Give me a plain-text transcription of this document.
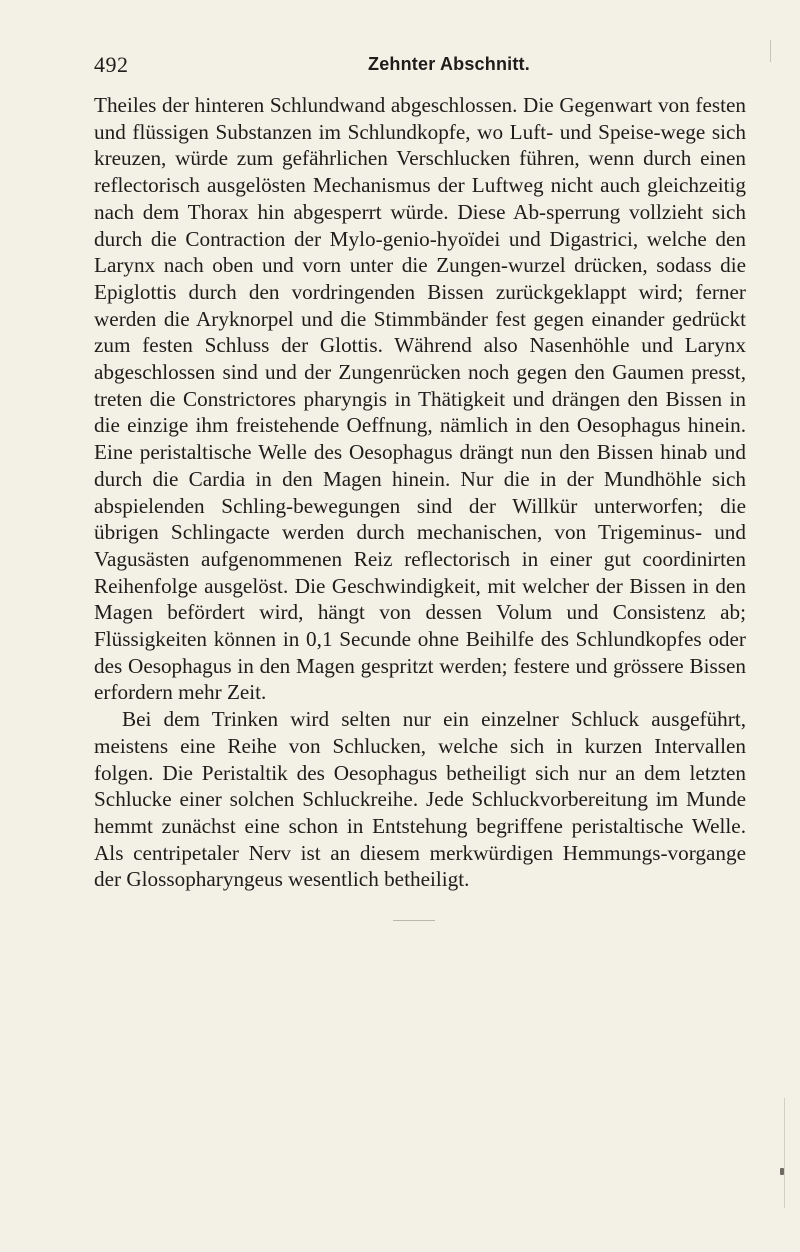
492	Zehnter Abschnitt.

Theiles der hinteren Schlundwand abgeschlossen. Die Gegenwart von festen und flüssigen Substanzen im Schlundkopfe, wo Luft- und Speise-wege sich kreuzen, würde zum gefährlichen Verschlucken führen, wenn durch einen reflectorisch ausgelösten Mechanismus der Luftweg nicht auch gleichzeitig nach dem Thorax hin abgesperrt würde. Diese Ab-sperrung vollzieht sich durch die Contraction der Mylo-genio-hyoïdei und Digastrici, welche den Larynx nach oben und vorn unter die Zungen-wurzel drücken, sodass die Epiglottis durch den vordringenden Bissen zurückgeklappt wird; ferner werden die Aryknorpel und die Stimmbänder fest gegen einander gedrückt zum festen Schluss der Glottis. Während also Nasenhöhle und Larynx abgeschlossen sind und der Zungenrücken noch gegen den Gaumen presst, treten die Constrictores pharyngis in Thätigkeit und drängen den Bissen in die einzige ihm freistehende Oeffnung, nämlich in den Oesophagus hinein. Eine peristaltische Welle des Oesophagus drängt nun den Bissen hinab und durch die Cardia in den Magen hinein. Nur die in der Mundhöhle sich abspielenden Schling-bewegungen sind der Willkür unterworfen; die übrigen Schlingacte werden durch mechanischen, von Trigeminus- und Vagusästen aufgenommenen Reiz reflectorisch in einer gut coordinirten Reihenfolge ausgelöst. Die Geschwindigkeit, mit welcher der Bissen in den Magen befördert wird, hängt von dessen Volum und Consistenz ab; Flüssigkeiten können in 0,1 Secunde ohne Beihilfe des Schlundkopfes oder des Oesophagus in den Magen gespritzt werden; festere und grössere Bissen erfordern mehr Zeit.

Bei dem Trinken wird selten nur ein einzelner Schluck ausgeführt, meistens eine Reihe von Schlucken, welche sich in kurzen Intervallen folgen. Die Peristaltik des Oesophagus betheiligt sich nur an dem letzten Schlucke einer solchen Schluckreihe. Jede Schluckvorbereitung im Munde hemmt zunächst eine schon in Entstehung begriffene peristaltische Welle. Als centripetaler Nerv ist an diesem merkwürdigen Hemmungs-vorgange der Glossopharyngeus wesentlich betheiligt.
